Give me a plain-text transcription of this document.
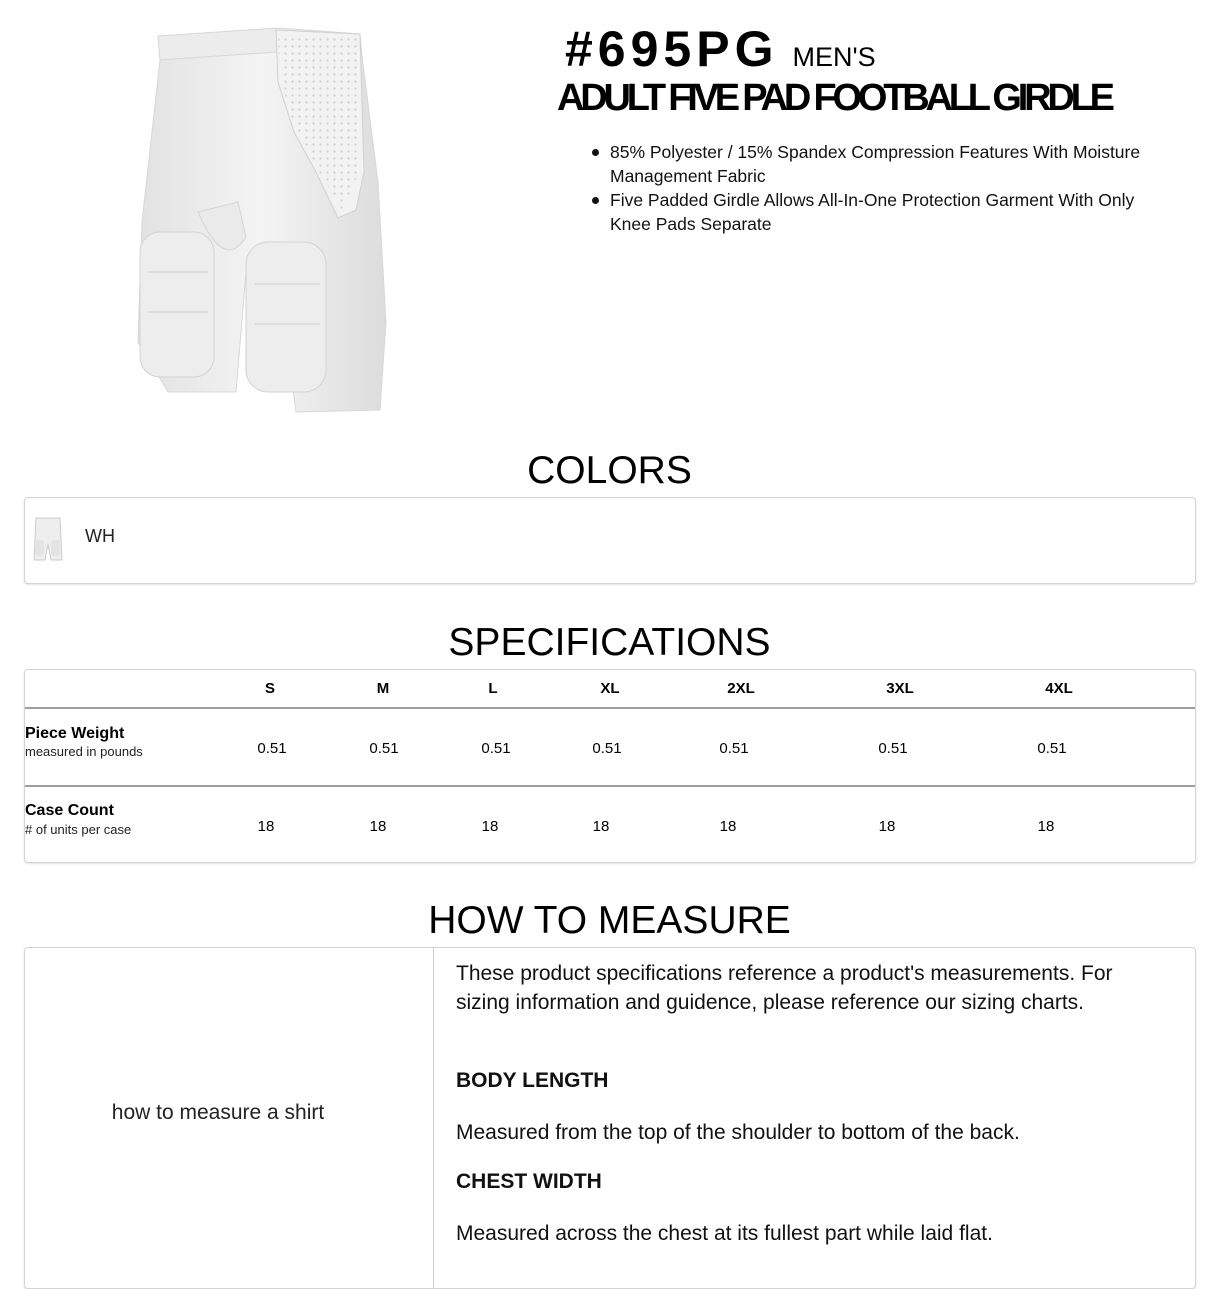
#695PG MEN'S
ADULT FIVE PAD FOOTBALL GIRDLE
85% Polyester / 15% Spandex Compression Features With Moisture Management Fabric
Five Padded Girdle Allows All-In-One Protection Garment With Only Knee Pads Separate
COLORS
WH
SPECIFICATIONS
S	M	L	XL	2XL	3XL	4XL
Piece Weight
measured in pounds	0.51	0.51	0.51	0.51	0.51	0.51	0.51
Case Count
# of units per case	18	18	18	18	18	18	18
HOW TO MEASURE
how to measure a shirt
These product specifications reference a product's measurements. For sizing information and guidence, please reference our sizing charts.
BODY LENGTH
Measured from the top of the shoulder to bottom of the back.
CHEST WIDTH
Measured across the chest at its fullest part while laid flat.
